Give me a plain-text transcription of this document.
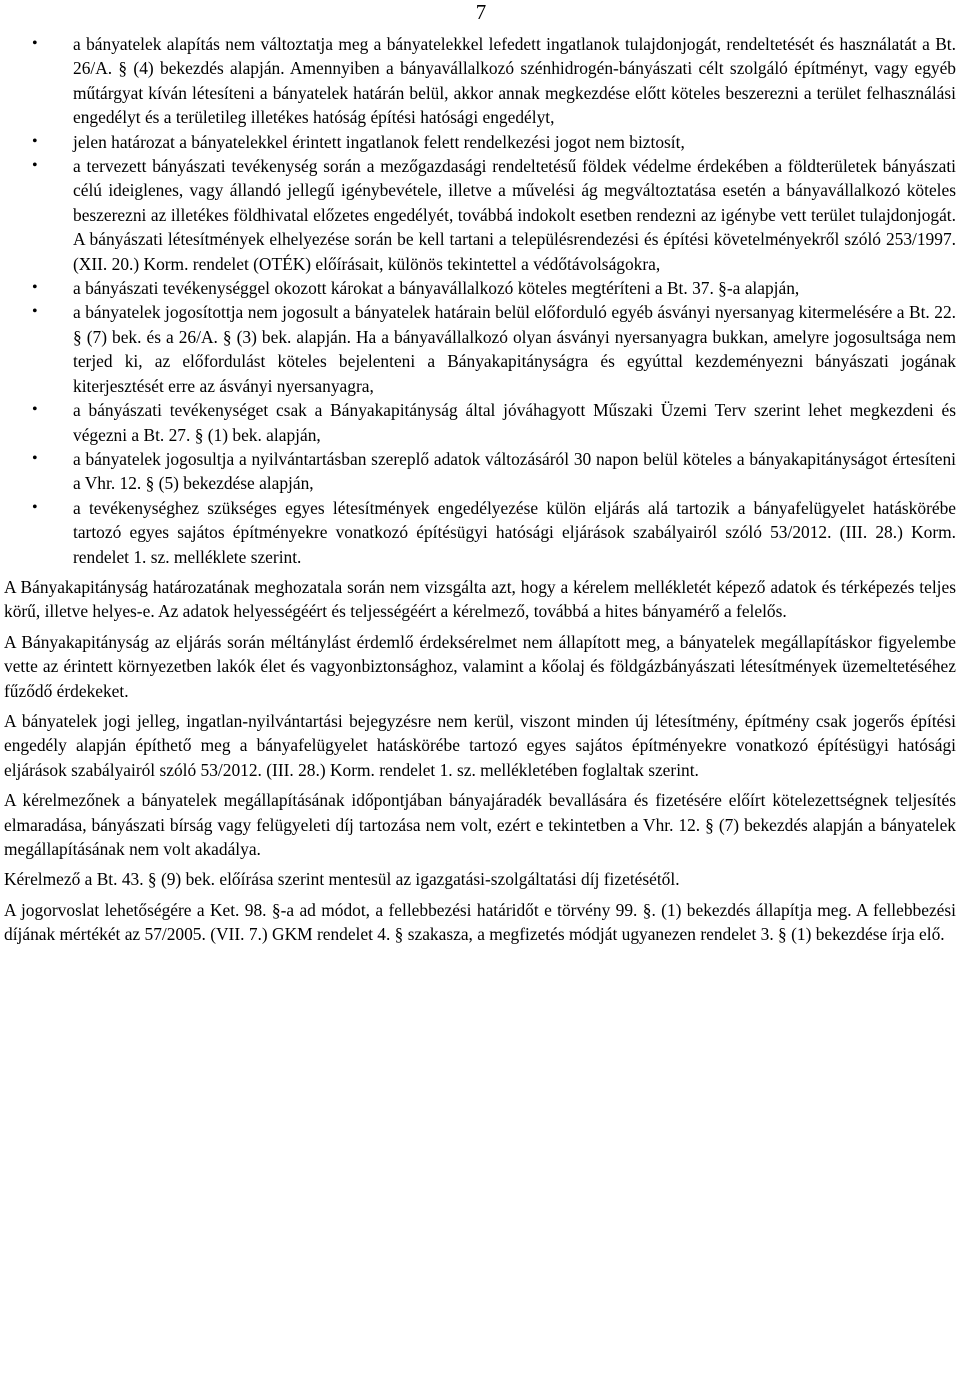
7
• a bányatelek alapítás nem változtatja meg a bányatelekkel lefedett ingatlanok tulajdonjogát, rendeltetését és használatát a Bt. 26/A. § (4) bekezdés alapján. Amennyiben a bányavállalkozó szénhidrogén-bányászati célt szolgáló építményt, vagy egyéb műtárgyat kíván létesíteni a bányatelek határán belül, akkor annak megkezdése előtt köteles beszerezni a terület felhasználási engedélyt és a területileg illetékes hatóság építési hatósági engedélyt,
• jelen határozat a bányatelekkel érintett ingatlanok felett rendelkezési jogot nem biztosít,
• a tervezett bányászati tevékenység során a mezőgazdasági rendeltetésű földek védelme érdekében a földterületek bányászati célú ideiglenes, vagy állandó jellegű igénybevétele, illetve a művelési ág megváltoztatása esetén a bányavállalkozó köteles beszerezni az illetékes földhivatal előzetes engedélyét, továbbá indokolt esetben rendezni az igénybe vett terület tulajdonjogát. A bányászati létesítmények elhelyezése során be kell tartani a településrendezési és építési követelményekről szóló 253/1997. (XII. 20.) Korm. rendelet (OTÉK) előírásait, különös tekintettel a védőtávolságokra,
• a bányászati tevékenységgel okozott károkat a bányavállalkozó köteles megtéríteni a Bt. 37. §-a alapján,
• a bányatelek jogosítottja nem jogosult a bányatelek határain belül előforduló egyéb ásványi nyersanyag kitermelésére a Bt. 22. § (7) bek. és a 26/A. § (3) bek. alapján. Ha a bányavállalkozó olyan ásványi nyersanyagra bukkan, amelyre jogosultsága nem terjed ki, az előfordulást köteles bejelenteni a Bányakapitányságra és egyúttal kezdeményezni bányászati jogának kiterjesztését erre az ásványi nyersanyagra,
• a bányászati tevékenységet csak a Bányakapitányság által jóváhagyott Műszaki Üzemi Terv szerint lehet megkezdeni és végezni a Bt. 27. § (1) bek. alapján,
• a bányatelek jogosultja a nyilvántartásban szereplő adatok változásáról 30 napon belül köteles a bányakapitányságot értesíteni a Vhr. 12. § (5) bekezdése alapján,
• a tevékenységhez szükséges egyes létesítmények engedélyezése külön eljárás alá tartozik a bányafelügyelet hatáskörébe tartozó egyes sajátos építményekre vonatkozó építésügyi hatósági eljárások szabályairól szóló 53/2012. (III. 28.) Korm. rendelet 1. sz. melléklete szerint.

A Bányakapitányság határozatának meghozatala során nem vizsgálta azt, hogy a kérelem mellékletét képező adatok és térképezés teljes körű, illetve helyes-e. Az adatok helyességéért és teljességéért a kérelmező, továbbá a hites bányamérő a felelős.

A Bányakapitányság az eljárás során méltánylást érdemlő érdeksérelmet nem állapított meg, a bányatelek megállapításkor figyelembe vette az érintett környezetben lakók élet és vagyonbiztonsághoz, valamint a kőolaj és földgázbányászati létesítmények üzemeltetéséhez fűződő érdekeket.

A bányatelek jogi jelleg, ingatlan-nyilvántartási bejegyzésre nem kerül, viszont minden új létesítmény, építmény csak jogerős építési engedély alapján építhető meg a bányafelügyelet hatáskörébe tartozó egyes sajátos építményekre vonatkozó építésügyi hatósági eljárások szabályairól szóló 53/2012. (III. 28.) Korm. rendelet 1. sz. mellékletében foglaltak szerint.

A kérelmezőnek a bányatelek megállapításának időpontjában bányajáradék bevallására és fizetésére előírt kötelezettségnek teljesítés elmaradása, bányászati bírság vagy felügyeleti díj tartozása nem volt, ezért e tekintetben a Vhr. 12. § (7) bekezdés alapján a bányatelek megállapításának nem volt akadálya.

Kérelmező a Bt. 43. § (9) bek. előírása szerint mentesül az igazgatási-szolgáltatási díj fizetésétől.

A jogorvoslat lehetőségére a Ket. 98. §-a ad módot, a fellebbezési határidőt e törvény 99. §. (1) bekezdés állapítja meg. A fellebbezési díjának mértékét az 57/2005. (VII. 7.) GKM rendelet 4. § szakasza, a megfizetés módját ugyanezen rendelet 3. § (1) bekezdése írja elő.
